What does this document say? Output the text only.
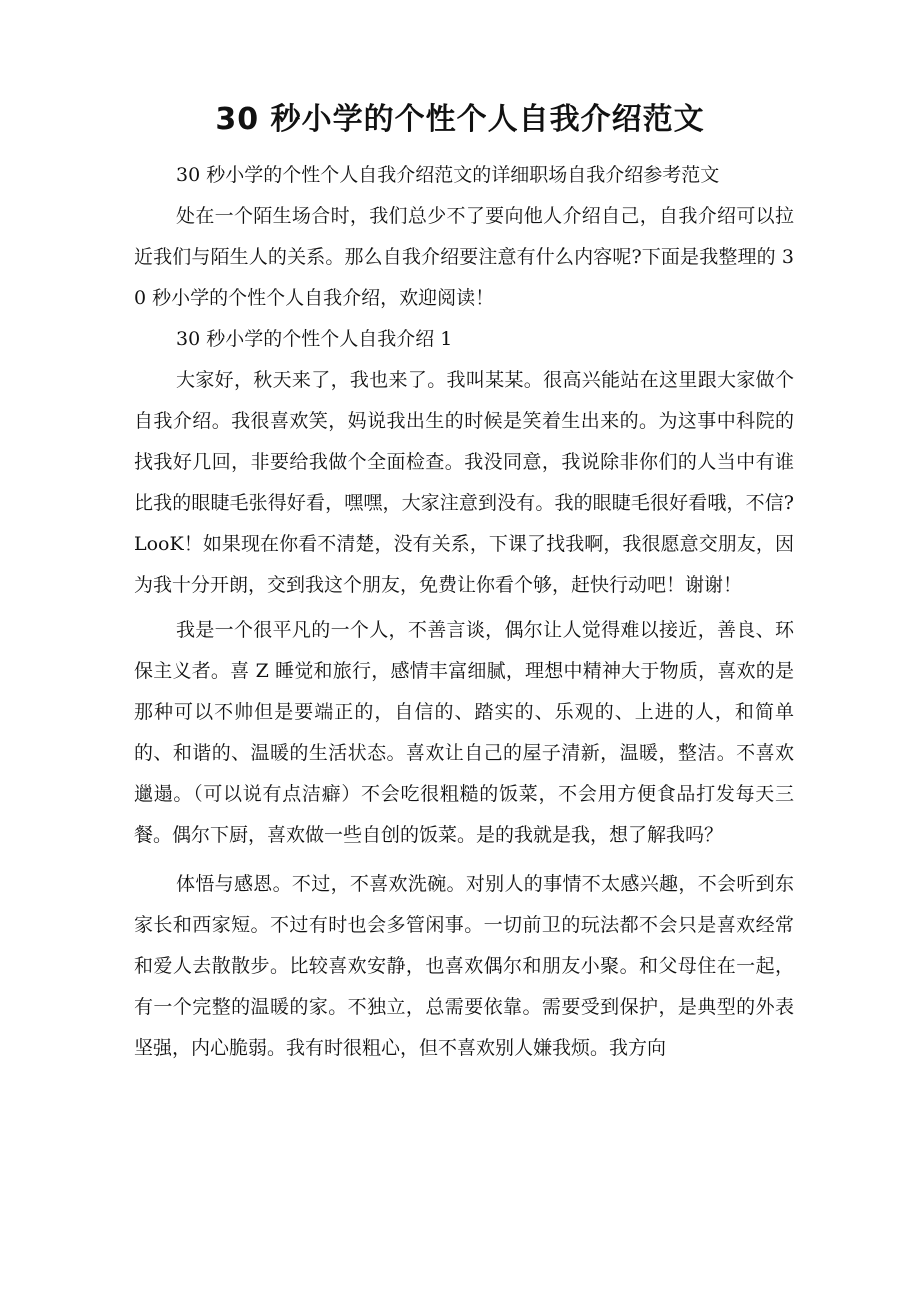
30 秒小学的个性个人自我介绍范文

30 秒小学的个性个人自我介绍范文的详细职场自我介绍参考范文

处在一个陌生场合时，我们总少不了要向他人介绍自己，自我介绍可以拉近我们与陌生人的关系。那么自我介绍要注意有什么内容呢?下面是我整理的 30 秒小学的个性个人自我介绍，欢迎阅读！

30 秒小学的个性个人自我介绍 1

大家好，秋天来了，我也来了。我叫某某。很高兴能站在这里跟大家做个自我介绍。我很喜欢笑，妈说我出生的时候是笑着生出来的。为这事中科院的找我好几回，非要给我做个全面检查。我没同意，我说除非你们的人当中有谁比我的眼睫毛张得好看，嘿嘿，大家注意到没有。我的眼睫毛很好看哦，不信?LooK！如果现在你看不清楚，没有关系，下课了找我啊，我很愿意交朋友，因为我十分开朗，交到我这个朋友，免费让你看个够，赶快行动吧！谢谢！

我是一个很平凡的一个人，不善言谈，偶尔让人觉得难以接近，善良、环保主义者。喜 Z 睡觉和旅行，感情丰富细腻，理想中精神大于物质，喜欢的是那种可以不帅但是要端正的，自信的、踏实的、乐观的、上进的人，和简单的、和谐的、温暖的生活状态。喜欢让自己的屋子清新，温暖，整洁。不喜欢邋遢。（可以说有点洁癖）不会吃很粗糙的饭菜，不会用方便食品打发每天三餐。偶尔下厨，喜欢做一些自创的饭菜。是的我就是我，想了解我吗？

体悟与感恩。不过，不喜欢洗碗。对别人的事情不太感兴趣，不会听到东家长和西家短。不过有时也会多管闲事。一切前卫的玩法都不会只是喜欢经常和爱人去散散步。比较喜欢安静，也喜欢偶尔和朋友小聚。和父母住在一起，有一个完整的温暖的家。不独立，总需要依靠。需要受到保护，是典型的外表坚强，内心脆弱。我有时很粗心，但不喜欢别人嫌我烦。我方向
